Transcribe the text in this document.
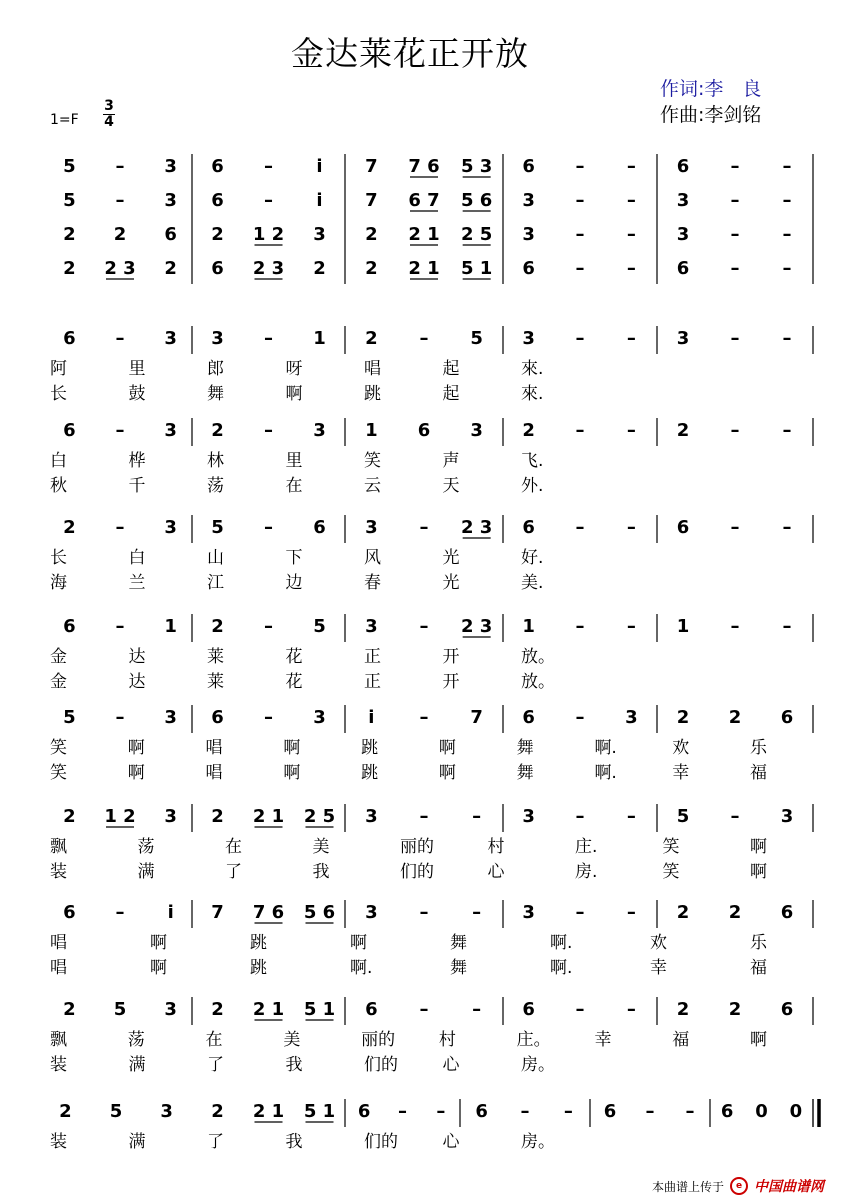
金达莱花正开放
作词:李　良
作曲:李剑铭
1=F
3
4
5 – 3 6 – i 7 7 6 5 3 6 – – 6 – –
5 – 3 6 – i 7 6 7 5 6 3 – – 3 – –
2 2 6 2 1 2 3 2 2 1 2 5 3 – – 3 – –
2 2 3 2 6 2 3 2 2 2 1 5 1 6 – – 6 – –
6 – 3 3 – 1 2 – 5 3 – – 3 – –
阿	里	郎	呀	唱	起	來.
长	鼓	舞	啊	跳	起	來.
6 – 3 2 – 3 1 6 3 2 – – 2 – –
白	桦	林	里	笑	声	飞.
秋	千	荡	在	云	天	外.
2 – 3 5 – 6 3 – 2 3 6 – – 6 – –
长	白	山	下	风	光	好.
海	兰	江	边	春	光	美.
6 – 1 2 – 5 3 – 2 3 1 – – 1 – –
金	达	莱	花	正	开	放。
金	达	莱	花	正	开	放。
5 – 3 6 – 3 i	– 7 6 – 3 2 2 6
笑	啊	唱	啊	跳	啊	舞	啊.	欢	乐
笑	啊	唱	啊	跳	啊	舞	啊.	幸	福
2 1 2 3 2 2 1 2 5 3 – – 3 – – 5 – 3
飘	荡	在	美	丽的	村	庄.	笑	啊
装	满	了	我	们的	心	房.	笑	啊
6 – i 7 7 6 5 6 3 – – 3 – – 2 2 6
唱	啊	跳	啊	舞	啊.	欢	乐
唱	啊	跳	啊.	舞	啊.	幸	福
2 5 3 2 2 1 5 1 6 – – 6 – – 2 2 6
飘	荡	在	美	丽的	村	庄。	幸	福	啊
装	满	了	我	们的	心	房。
2 5 3 2 2 1 5 1 6 – – 6 – – 6 – – 6 0 0
装	满	了	我	们的	心	房。
本曲谱上传于	e 中国曲谱网
